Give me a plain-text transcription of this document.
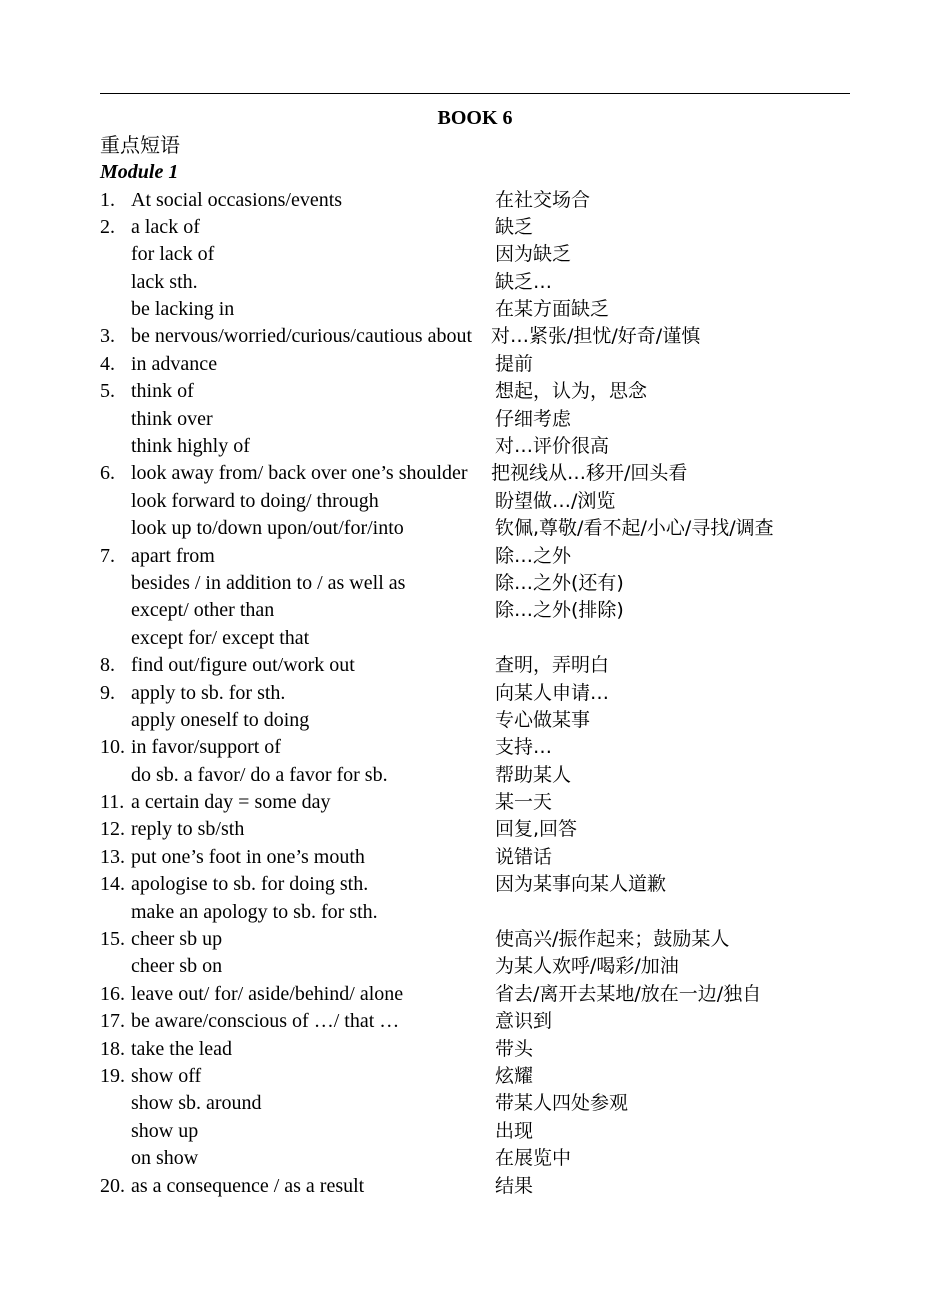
BOOK 6
重点短语
Module 1
1. At social occasions/events	在社交场合
2. a lack of	缺乏
for lack of	因为缺乏
lack sth.	缺乏…
be lacking in	在某方面缺乏
3. be nervous/worried/curious/cautious about 对…紧张/担忧/好奇/谨慎
4. in advance	提前
5. think of	想起，认为，思念
think over	仔细考虑
think highly of	对…评价很高
6. look away from/ back over one’s shoulder 把视线从…移开/回头看
look forward to doing/ through	盼望做…/浏览
look up to/down upon/out/for/into	钦佩,尊敬/看不起/小心/寻找/调查
7. apart from	除…之外
besides / in addition to / as well as	除…之外(还有)
except/ other than	除…之外(排除)
except for/ except that
8. find out/figure out/work out	查明，弄明白
9. apply to sb. for sth.	向某人申请…
apply oneself to doing	专心做某事
10. in favor/support of	支持…
do sb. a favor/ do a favor for sb.	帮助某人
11. a certain day = some day	某一天
12. reply to sb/sth	回复,回答
13. put one’s foot in one’s mouth	说错话
14. apologise to sb. for doing sth.	因为某事向某人道歉
make an apology to sb. for sth.
15. cheer sb up	使高兴/振作起来；鼓励某人
cheer sb on	为某人欢呼/喝彩/加油
16. leave out/ for/ aside/behind/ alone	省去/离开去某地/放在一边/独自
17. be aware/conscious of …/ that …	意识到
18. take the lead	带头
19. show off	炫耀
show sb. around	带某人四处参观
show up	出现
on show	在展览中
20. as a consequence / as a result	结果
